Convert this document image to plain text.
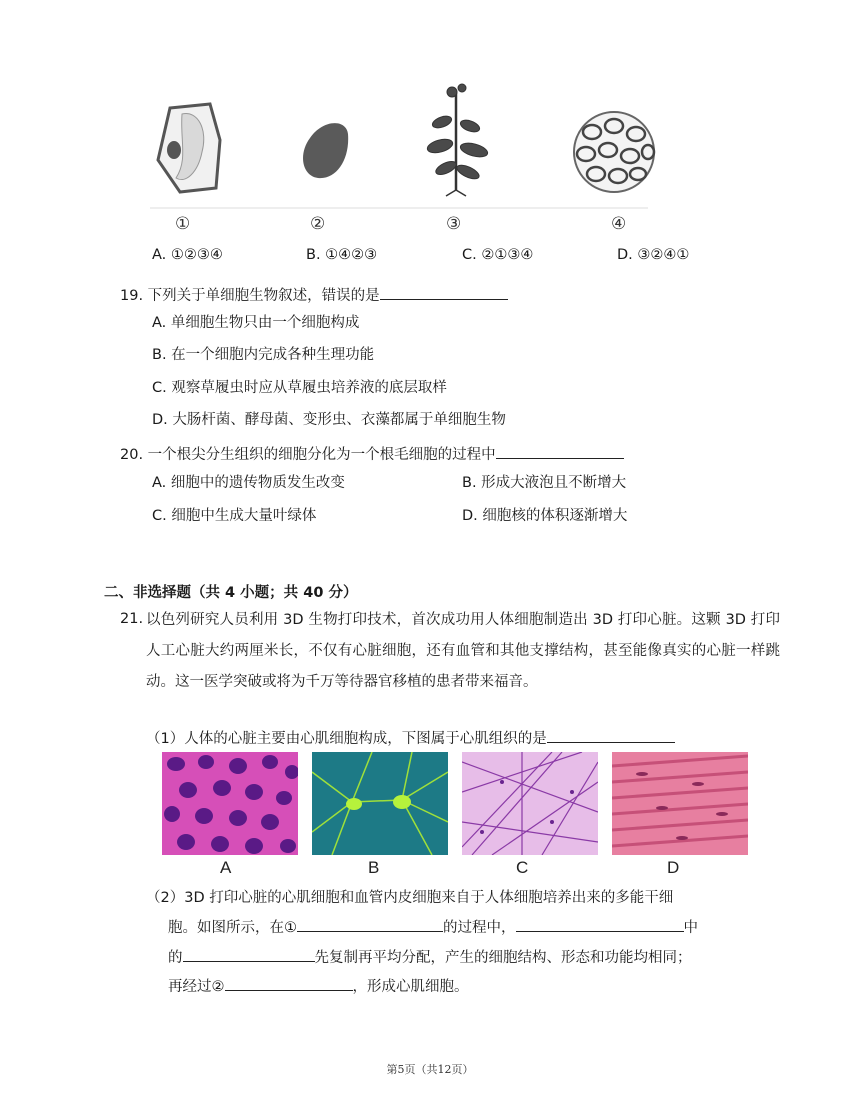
①	②	③	④
A. ①②③④	B. ①④②③	C. ②①③④	D. ③②④①
19. 下列关于单细胞生物叙述，错误的是
A. 单细胞生物只由一个细胞构成
B. 在一个细胞内完成各种生理功能
C. 观察草履虫时应从草履虫培养液的底层取样
D. 大肠杆菌、酵母菌、变形虫、衣藻都属于单细胞生物
20. 一个根尖分生组织的细胞分化为一个根毛细胞的过程中
A. 细胞中的遗传物质发生改变	B. 形成大液泡且不断增大
C. 细胞中生成大量叶绿体	D. 细胞核的体积逐渐增大
二、非选择题（共 4 小题；共 40 分）
21. 以色列研究人员利用 3D 生物打印技术，首次成功用人体细胞制造出 3D 打印心脏。这颗 3D 打印人工心脏大约两厘米长，不仅有心脏细胞，还有血管和其他支撑结构，甚至能像真实的心脏一样跳动。这一医学突破或将为千万等待器官移植的患者带来福音。
（1）人体的心脏主要由心肌细胞构成，下图属于心肌组织的是
A	B	C	D
（2）3D 打印心脏的心肌细胞和血管内皮细胞来自于人体细胞培养出来的多能干细
胞。如图所示，在①	的过程中，	中
的	先复制再平均分配，产生的细胞结构、形态和功能均相同；
再经过②	，形成心肌细胞。
第5页（共12页）
